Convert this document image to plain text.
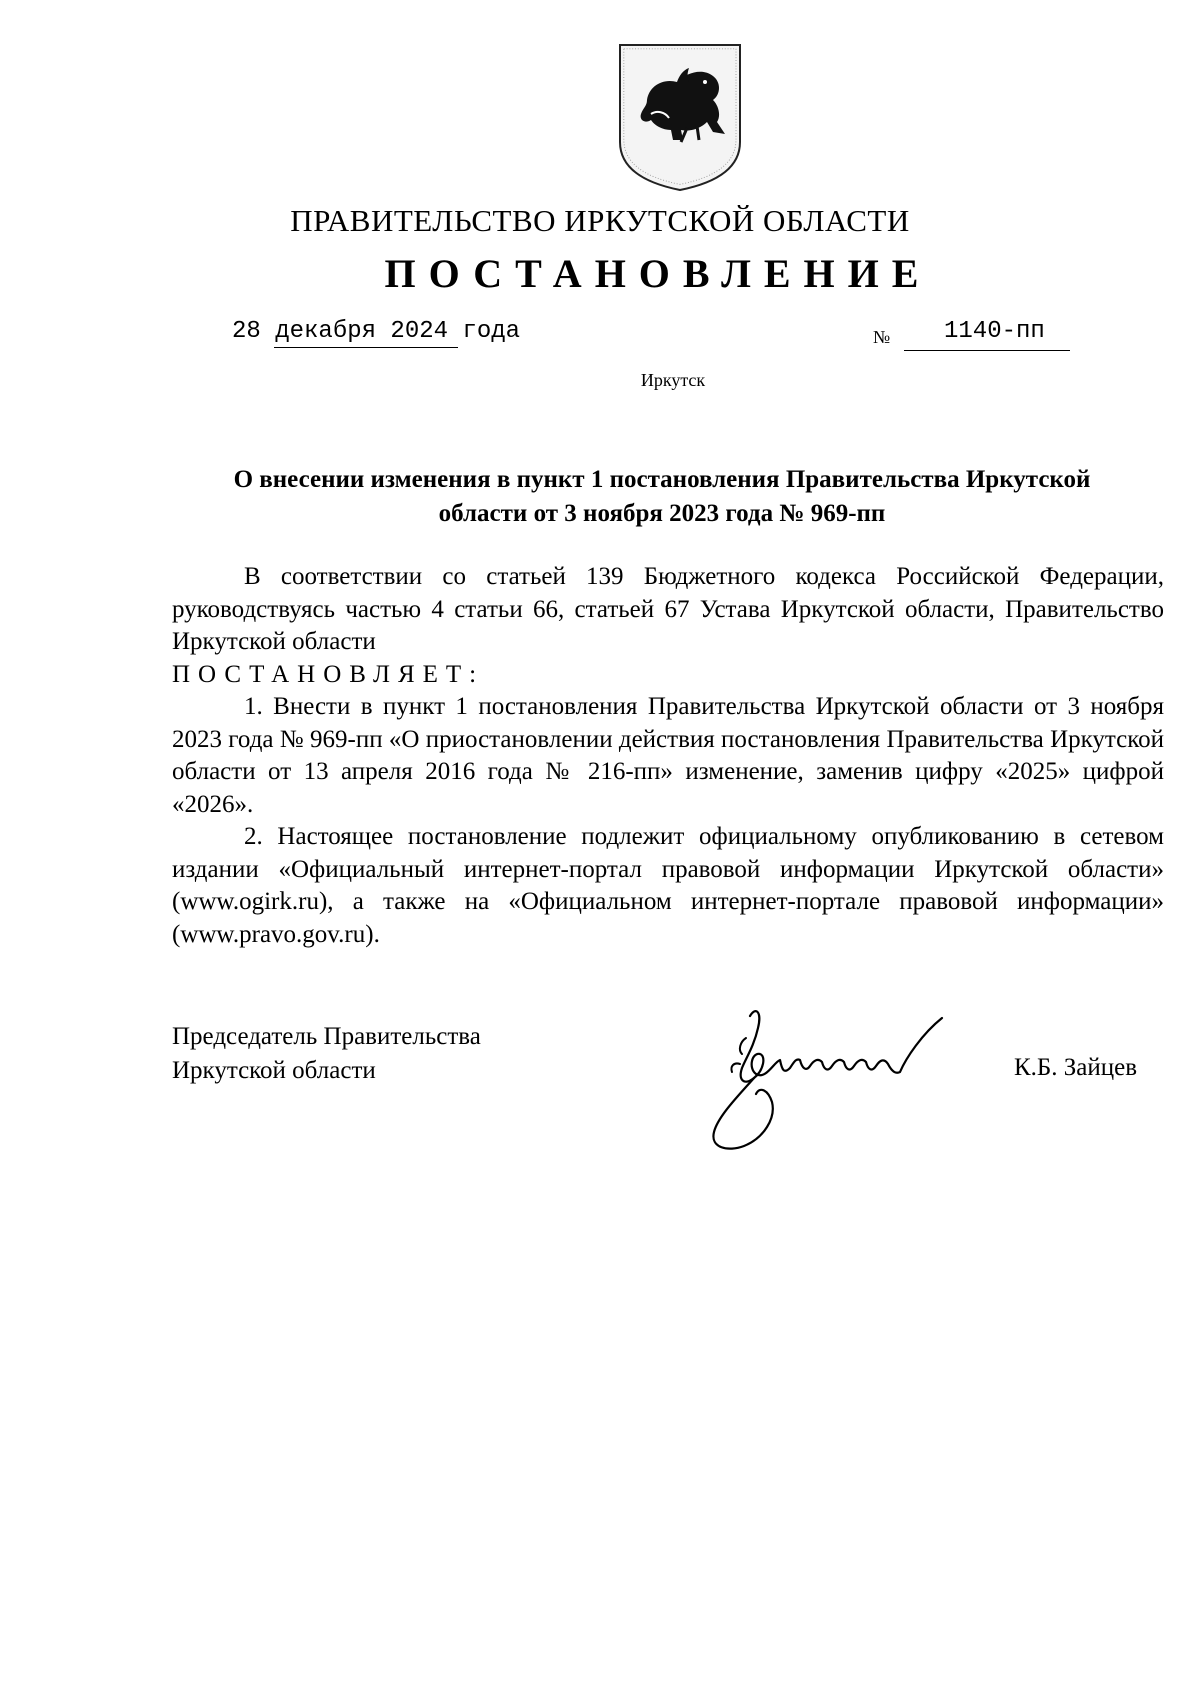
ПРАВИТЕЛЬСТВО ИРКУТСКОЙ ОБЛАСТИ
ПОСТАНОВЛЕНИЕ
28 декабря 2024 года	№ 1140-пп
Иркутск
О внесении изменения в пункт 1 постановления Правительства Иркутской
области от 3 ноября 2023 года № 969-пп

В соответствии со статьей 139 Бюджетного кодекса Российской Федерации, руководствуясь частью 4 статьи 66, статьей 67 Устава Иркутской области, Правительство Иркутской области

ПОСТАНОВЛЯЕТ:

1. Внести в пункт 1 постановления Правительства Иркутской области от 3 ноября 2023 года № 969-пп «О приостановлении действия постановления Правительства Иркутской области от 13 апреля 2016 года № 216-пп» изменение, заменив цифру «2025» цифрой «2026».

2. Настоящее постановление подлежит официальному опубликованию в сетевом издании «Официальный интернет-портал правовой информации Иркутской области» (www.ogirk.ru), а также на «Официальном интернет-портале правовой информации» (www.pravo.gov.ru).

Председатель Правительства
Иркутской области	К.Б. Зайцев
